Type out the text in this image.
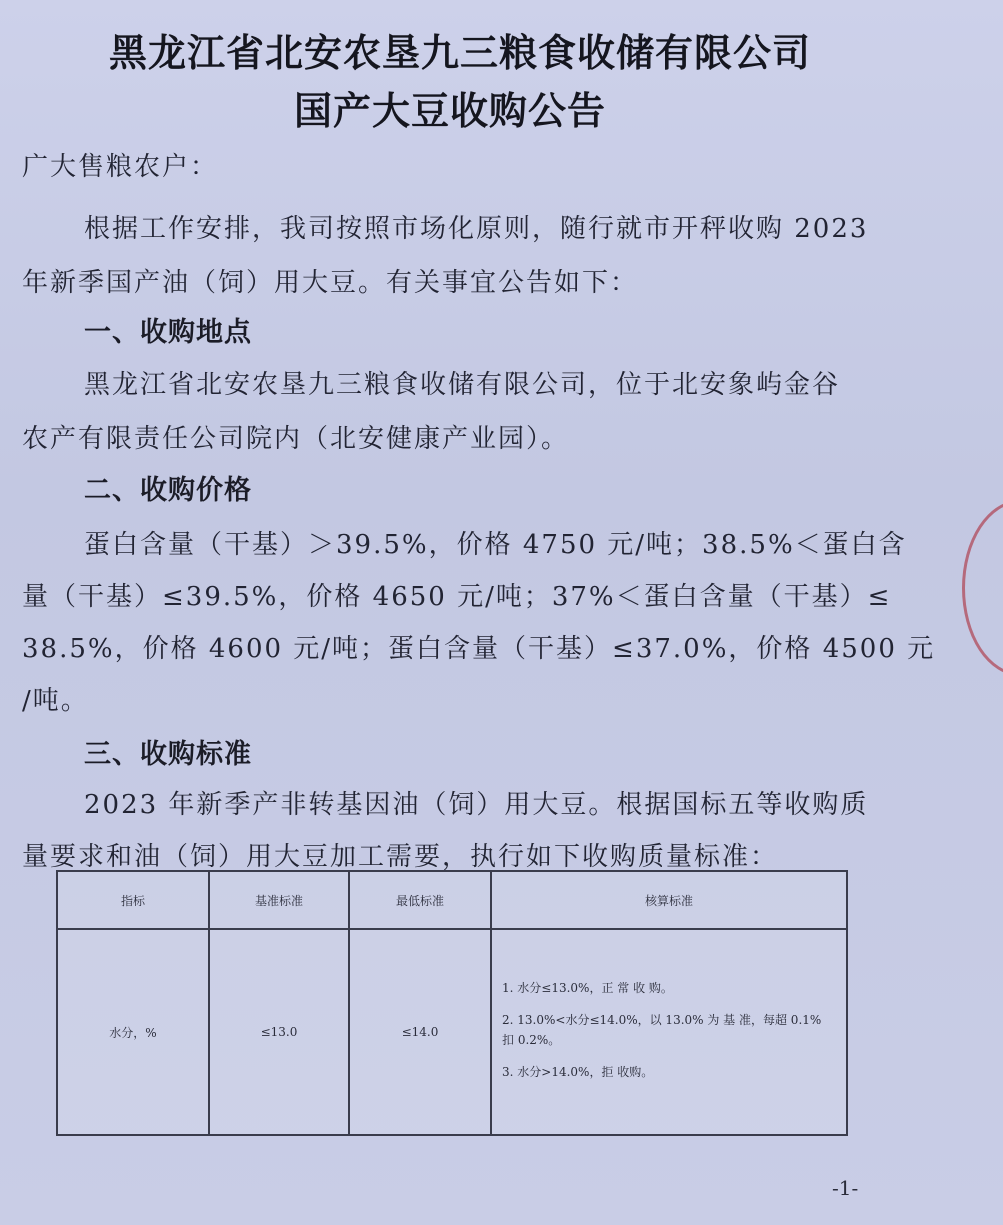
黑龙江省北安农垦九三粮食收储有限公司
国产大豆收购公告
广大售粮农户：
根据工作安排，我司按照市场化原则，随行就市开秤收购 2023
年新季国产油（饲）用大豆。有关事宜公告如下：
一、收购地点
黑龙江省北安农垦九三粮食收储有限公司，位于北安象屿金谷
农产有限责任公司院内（北安健康产业园）。
二、收购价格
蛋白含量（干基）＞39.5%，价格 4750 元/吨；38.5%＜蛋白含
量（干基）≤39.5%，价格 4650 元/吨；37%＜蛋白含量（干基）≤
38.5%，价格 4600 元/吨；蛋白含量（干基）≤37.0%，价格 4500 元
/吨。
三、收购标准
2023 年新季产非转基因油（饲）用大豆。根据国标五等收购质
量要求和油（饲）用大豆加工需要，执行如下收购质量标准：
指标	基准标准	最低标准	核算标准
水分，%	≤13.0	≤14.0	1. 水分≤13.0%，正 常 收 购。
2. 13.0%<水分≤14.0%，以 13.0% 为 基 准，每超 0.1%
扣 0.2%。
3. 水分>14.0%，拒 收购。
-1-
